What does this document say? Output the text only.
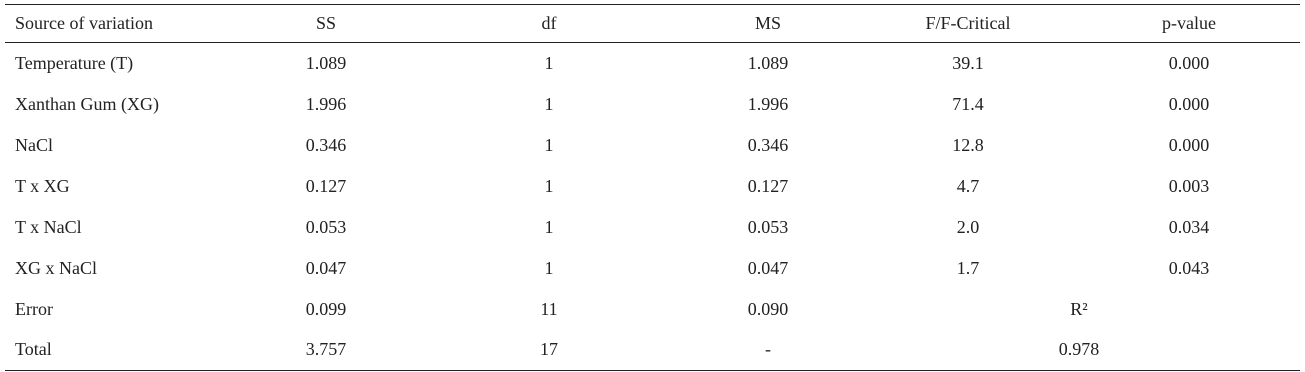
Source of variation	SS	df	MS	F/F-Critical	p-value
Temperature (T)	1.089	1	1.089	39.1	0.000
Xanthan Gum (XG)	1.996	1	1.996	71.4	0.000
NaCl	0.346	1	0.346	12.8	0.000
T x XG	0.127	1	0.127	4.7	0.003
T x NaCl	0.053	1	0.053	2.0	0.034
XG x NaCl	0.047	1	0.047	1.7	0.043
Error	0.099	11	0.090	R²	
Total	3.757	17	-	0.978	
